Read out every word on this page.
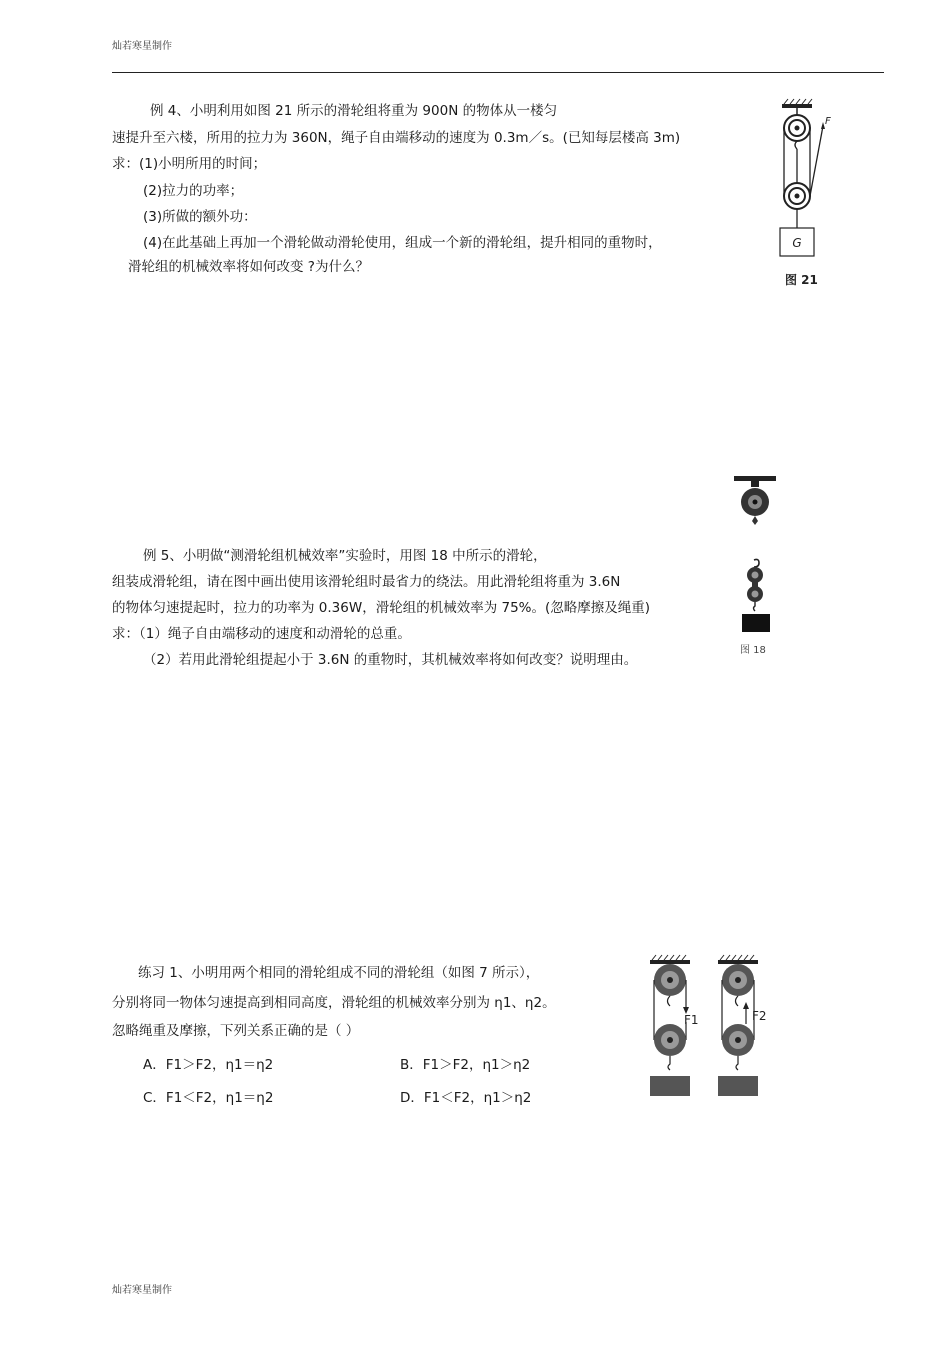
灿若寒星制作
灿若寒星制作
例 4、小明利用如图 21 所示的滑轮组将重为 900N 的物体从一楼匀
速提升至六楼，所用的拉力为 360N，绳子自由端移动的速度为 0.3m／s。(已知每层楼高 3m)
求：(1)小明所用的时间；
(2)拉力的功率；
(3)所做的额外功：
(4)在此基础上再加一个滑轮做动滑轮使用，组成一个新的滑轮组，提升相同的重物时，
滑轮组的机械效率将如何改变 ?为什么？
G
F
图 21
例 5、小明做“测滑轮组机械效率”实验时，用图 18 中所示的滑轮，
组装成滑轮组，请在图中画出使用该滑轮组时最省力的绕法。用此滑轮组将重为 3.6N
的物体匀速提起时，拉力的功率为 0.36W，滑轮组的机械效率为 75%。(忽略摩擦及绳重)
求：（1）绳子自由端移动的速度和动滑轮的总重。
（2）若用此滑轮组提起小于 3.6N 的重物时，其机械效率将如何改变？说明理由。
图 18
练习 1、小明用两个相同的滑轮组成不同的滑轮组（如图 7 所示），
分别将同一物体匀速提高到相同高度，滑轮组的机械效率分别为 η1、η2。
忽略绳重及摩擦，下列关系正确的是（ ）
A．F1＞F2，η1＝η2	B．F1＞F2，η1＞η2
C．F1＜F2，η1＝η2	D．F1＜F2，η1＞η2
F1	F2
